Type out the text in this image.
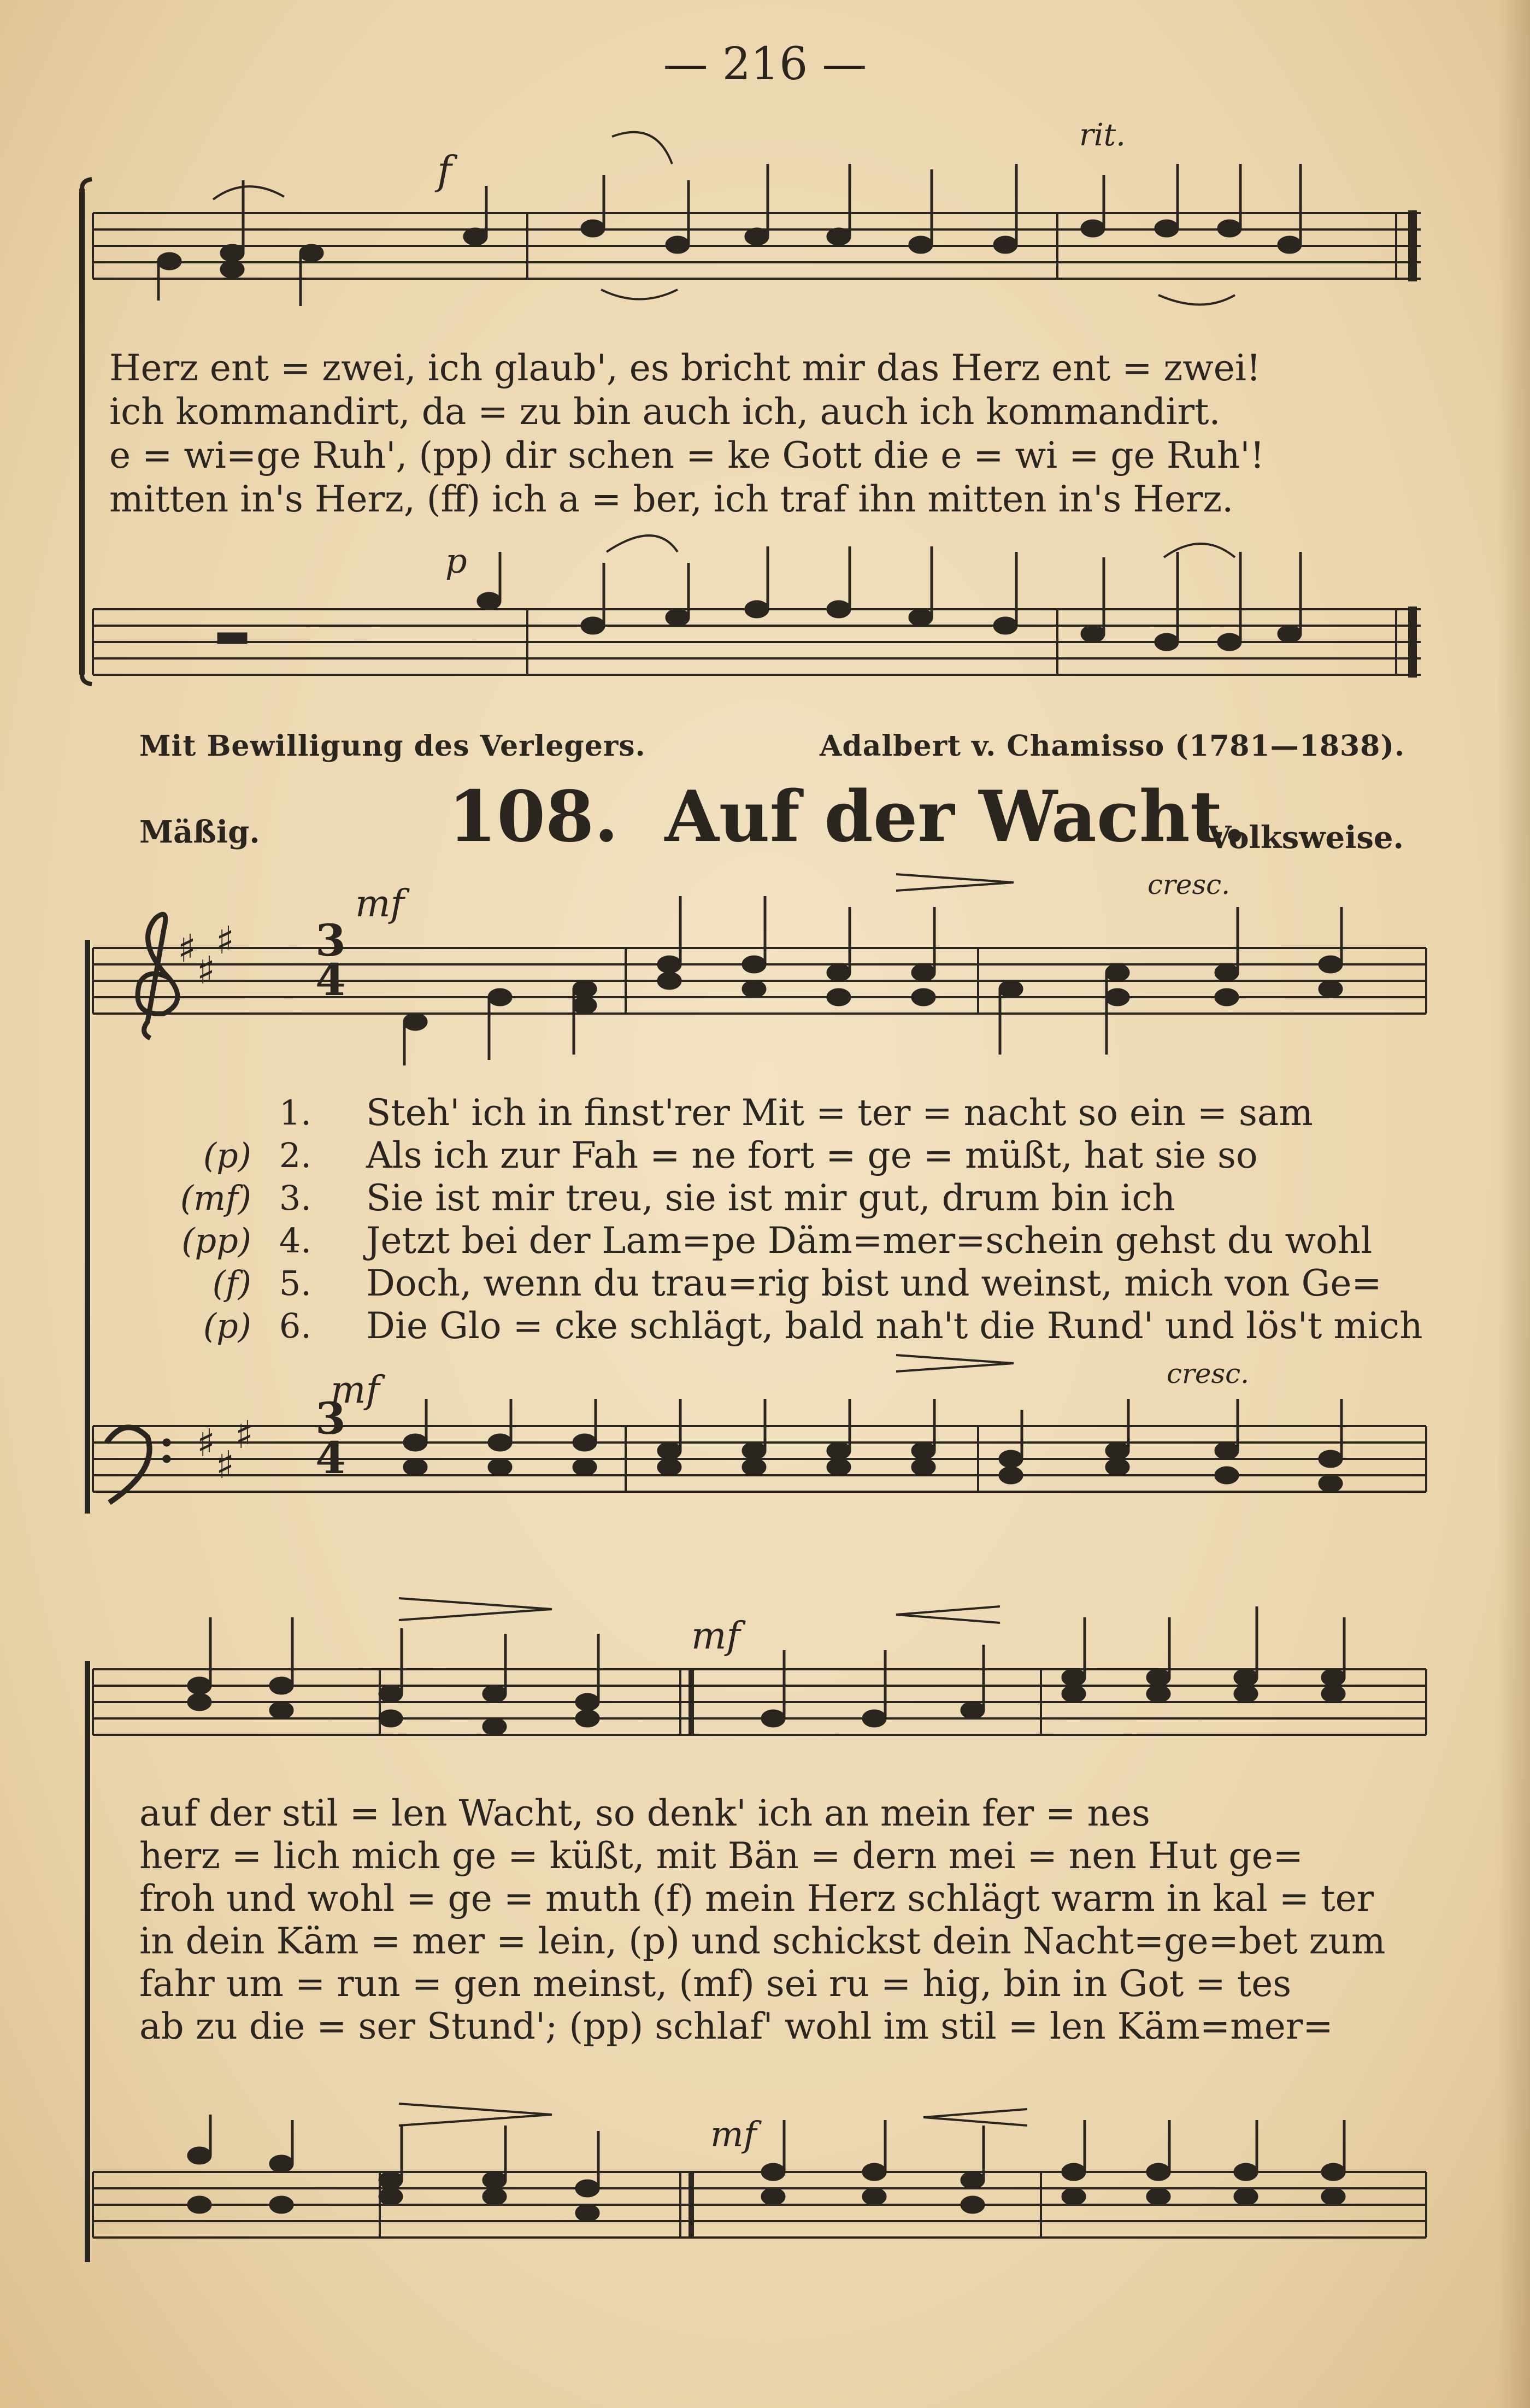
— 216 —
f
rit.
p
Herz ent = zwei, ich glaub', es bricht mir das Herz ent = zwei!
ich kommandirt, da = zu bin auch ich, auch ich kommandirt.
e = wi=ge Ruh', (pp) dir schen = ke Gott die e = wi = ge Ruh'!
mitten in's Herz, (ff) ich a = ber, ich traf ihn mitten in's Herz.
Mit Bewilligung des Verlegers.	Adalbert v. Chamisso (1781—1838).
Mäßig.	108. Auf der Wacht.
Volksweise.
♯ ♯
♯
♯ ♯
♯
3
4
3
4
mf	cresc.
mf	cresc.
1. Steh' ich in finst'rer Mit = ter = nacht so ein = sam
(p) 2. Als ich zur Fah = ne fort = ge = müßt, hat sie so
(mf) 3. Sie ist mir treu, sie ist mir gut, drum bin ich
(pp) 4. Jetzt bei der Lam=pe Däm=mer=schein gehst du wohl
(f) 5. Doch, wenn du trau=rig bist und weinst, mich von Ge=
(p) 6. Die Glo = cke schlägt, bald nah't die Rund' und lös't mich
mf
mf
auf der stil = len Wacht, so denk' ich an mein fer = nes
herz = lich mich ge = küßt, mit Bän = dern mei = nen Hut ge=
froh und wohl = ge = muth (f) mein Herz schlägt warm in kal = ter
in dein Käm = mer = lein, (p) und schickst dein Nacht=ge=bet zum
fahr um = run = gen meinst, (mf) sei ru = hig, bin in Got = tes
ab zu die = ser Stund'; (pp) schlaf' wohl im stil = len Käm=mer=
